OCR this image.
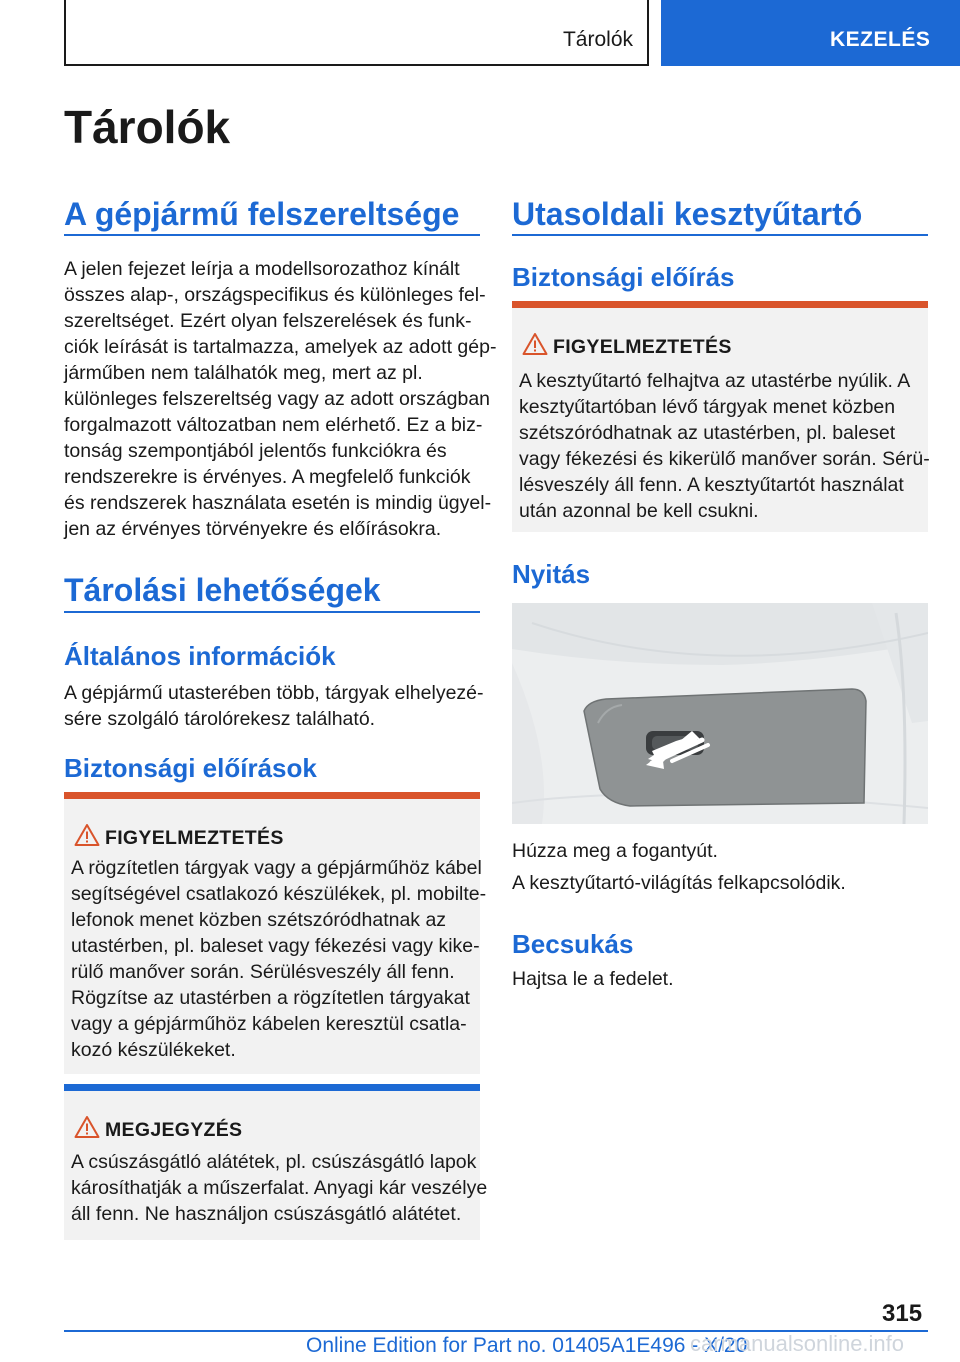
Tárolók	KEZELÉS
Tárolók
A gépjármű felszereltsége

A jelen fejezet leírja a modellsorozathoz kínált

összes alap-, országspecifikus és különleges fel-

szereltséget. Ezért olyan felszerelések és funk-

ciók leírását is tartalmazza, amelyek az adott gép-

járműben nem találhatók meg, mert az pl.

különleges felszereltség vagy az adott országban

forgalmazott változatban nem elérhető. Ez a biz-

tonság szempontjából jelentős funkciókra és

rendszerekre is érvényes. A megfelelő funkciók

és rendszerek használata esetén is mindig ügyel-

jen az érvényes törvényekre és előírásokra.

Tárolási lehetőségek
Általános információk

A gépjármű utasterében több, tárgyak elhelyezé-

sére szolgáló tárolórekesz található.

Biztonsági előírások
FIGYELMEZTETÉS

A rögzítetlen tárgyak vagy a gépjárműhöz kábel

segítségével csatlakozó készülékek, pl. mobilte-

lefonok menet közben szétszóródhatnak az

utastérben, pl. baleset vagy fékezési vagy kike-

rülő manőver során. Sérülésveszély áll fenn.

Rögzítse az utastérben a rögzítetlen tárgyakat

vagy a gépjárműhöz kábelen keresztül csatla-

kozó készülékeket.

MEGJEGYZÉS

A csúszásgátló alátétek, pl. csúszásgátló lapok

károsíthatják a műszerfalat. Anyagi kár veszélye

áll fenn. Ne használjon csúszásgátló alátétet.

Utasoldali kesztyűtartó
Biztonsági előírás
FIGYELMEZTETÉS

A kesztyűtartó felhajtva az utastérbe nyúlik. A

kesztyűtartóban lévő tárgyak menet közben

szétszóródhatnak az utastérben, pl. baleset

vagy fékezési és kikerülő manőver során. Sérü-

lésveszély áll fenn. A kesztyűtartót használat

után azonnal be kell csukni.

Nyitás

Húzza meg a fogantyút.

A kesztyűtartó-világítás felkapcsolódik.

Becsukás

Hajtsa le a fedelet.

315
Online Edition for Part no. 01405A1E496 - X/20
carmanualsonline.info
